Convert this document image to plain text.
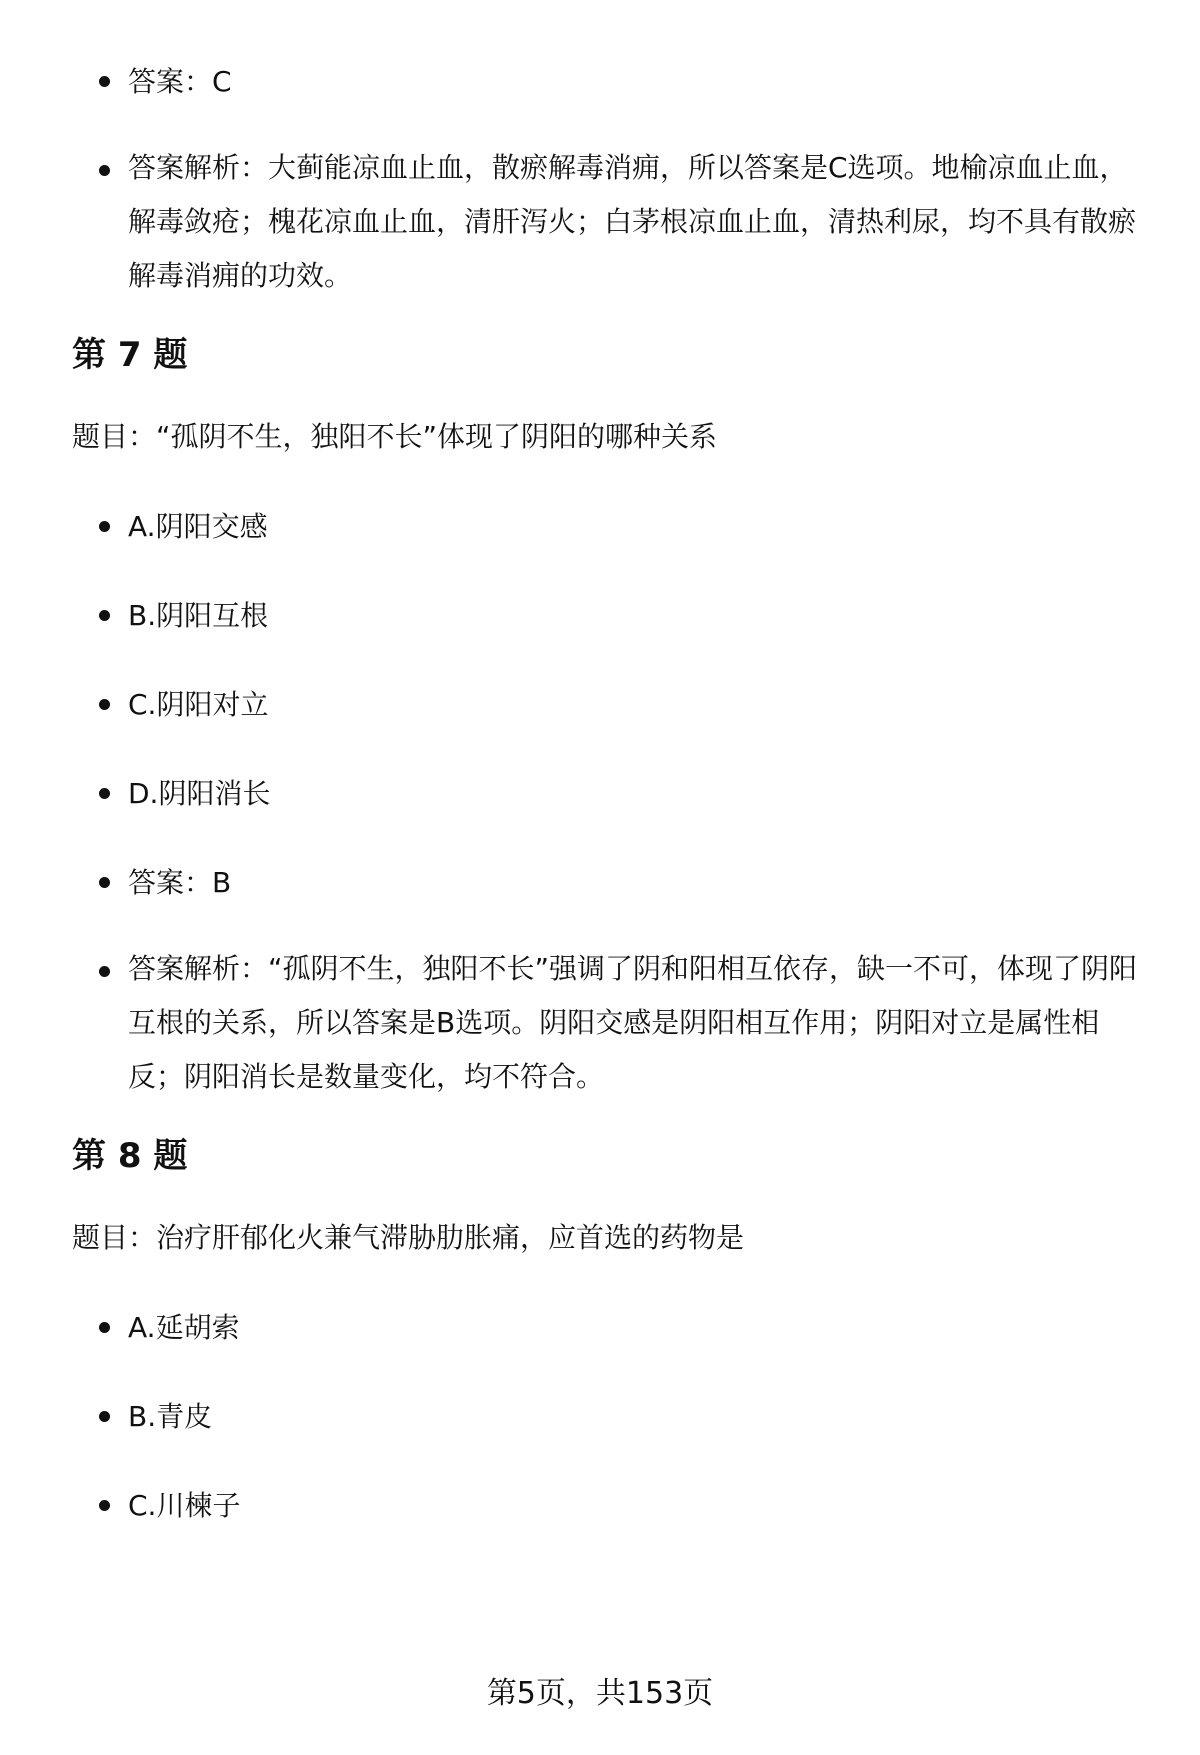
答案：C
答案解析：大蓟能凉血止血，散瘀解毒消痈，所以答案是C选项。地榆凉血止血，解毒敛疮；槐花凉血止血，清肝泻火；白茅根凉血止血，清热利尿，均不具有散瘀解毒消痈的功效。
第 7 题
题目：“孤阴不生，独阳不长”体现了阴阳的哪种关系
A.阴阳交感
B.阴阳互根
C.阴阳对立
D.阴阳消长
答案：B
答案解析：“孤阴不生，独阳不长”强调了阴和阳相互依存，缺一不可，体现了阴阳互根的关系，所以答案是B选项。阴阳交感是阴阳相互作用；阴阳对立是属性相反；阴阳消长是数量变化，均不符合。
第 8 题
题目：治疗肝郁化火兼气滞胁肋胀痛，应首选的药物是
A.延胡索
B.青皮
C.川楝子
第5页，共153页
